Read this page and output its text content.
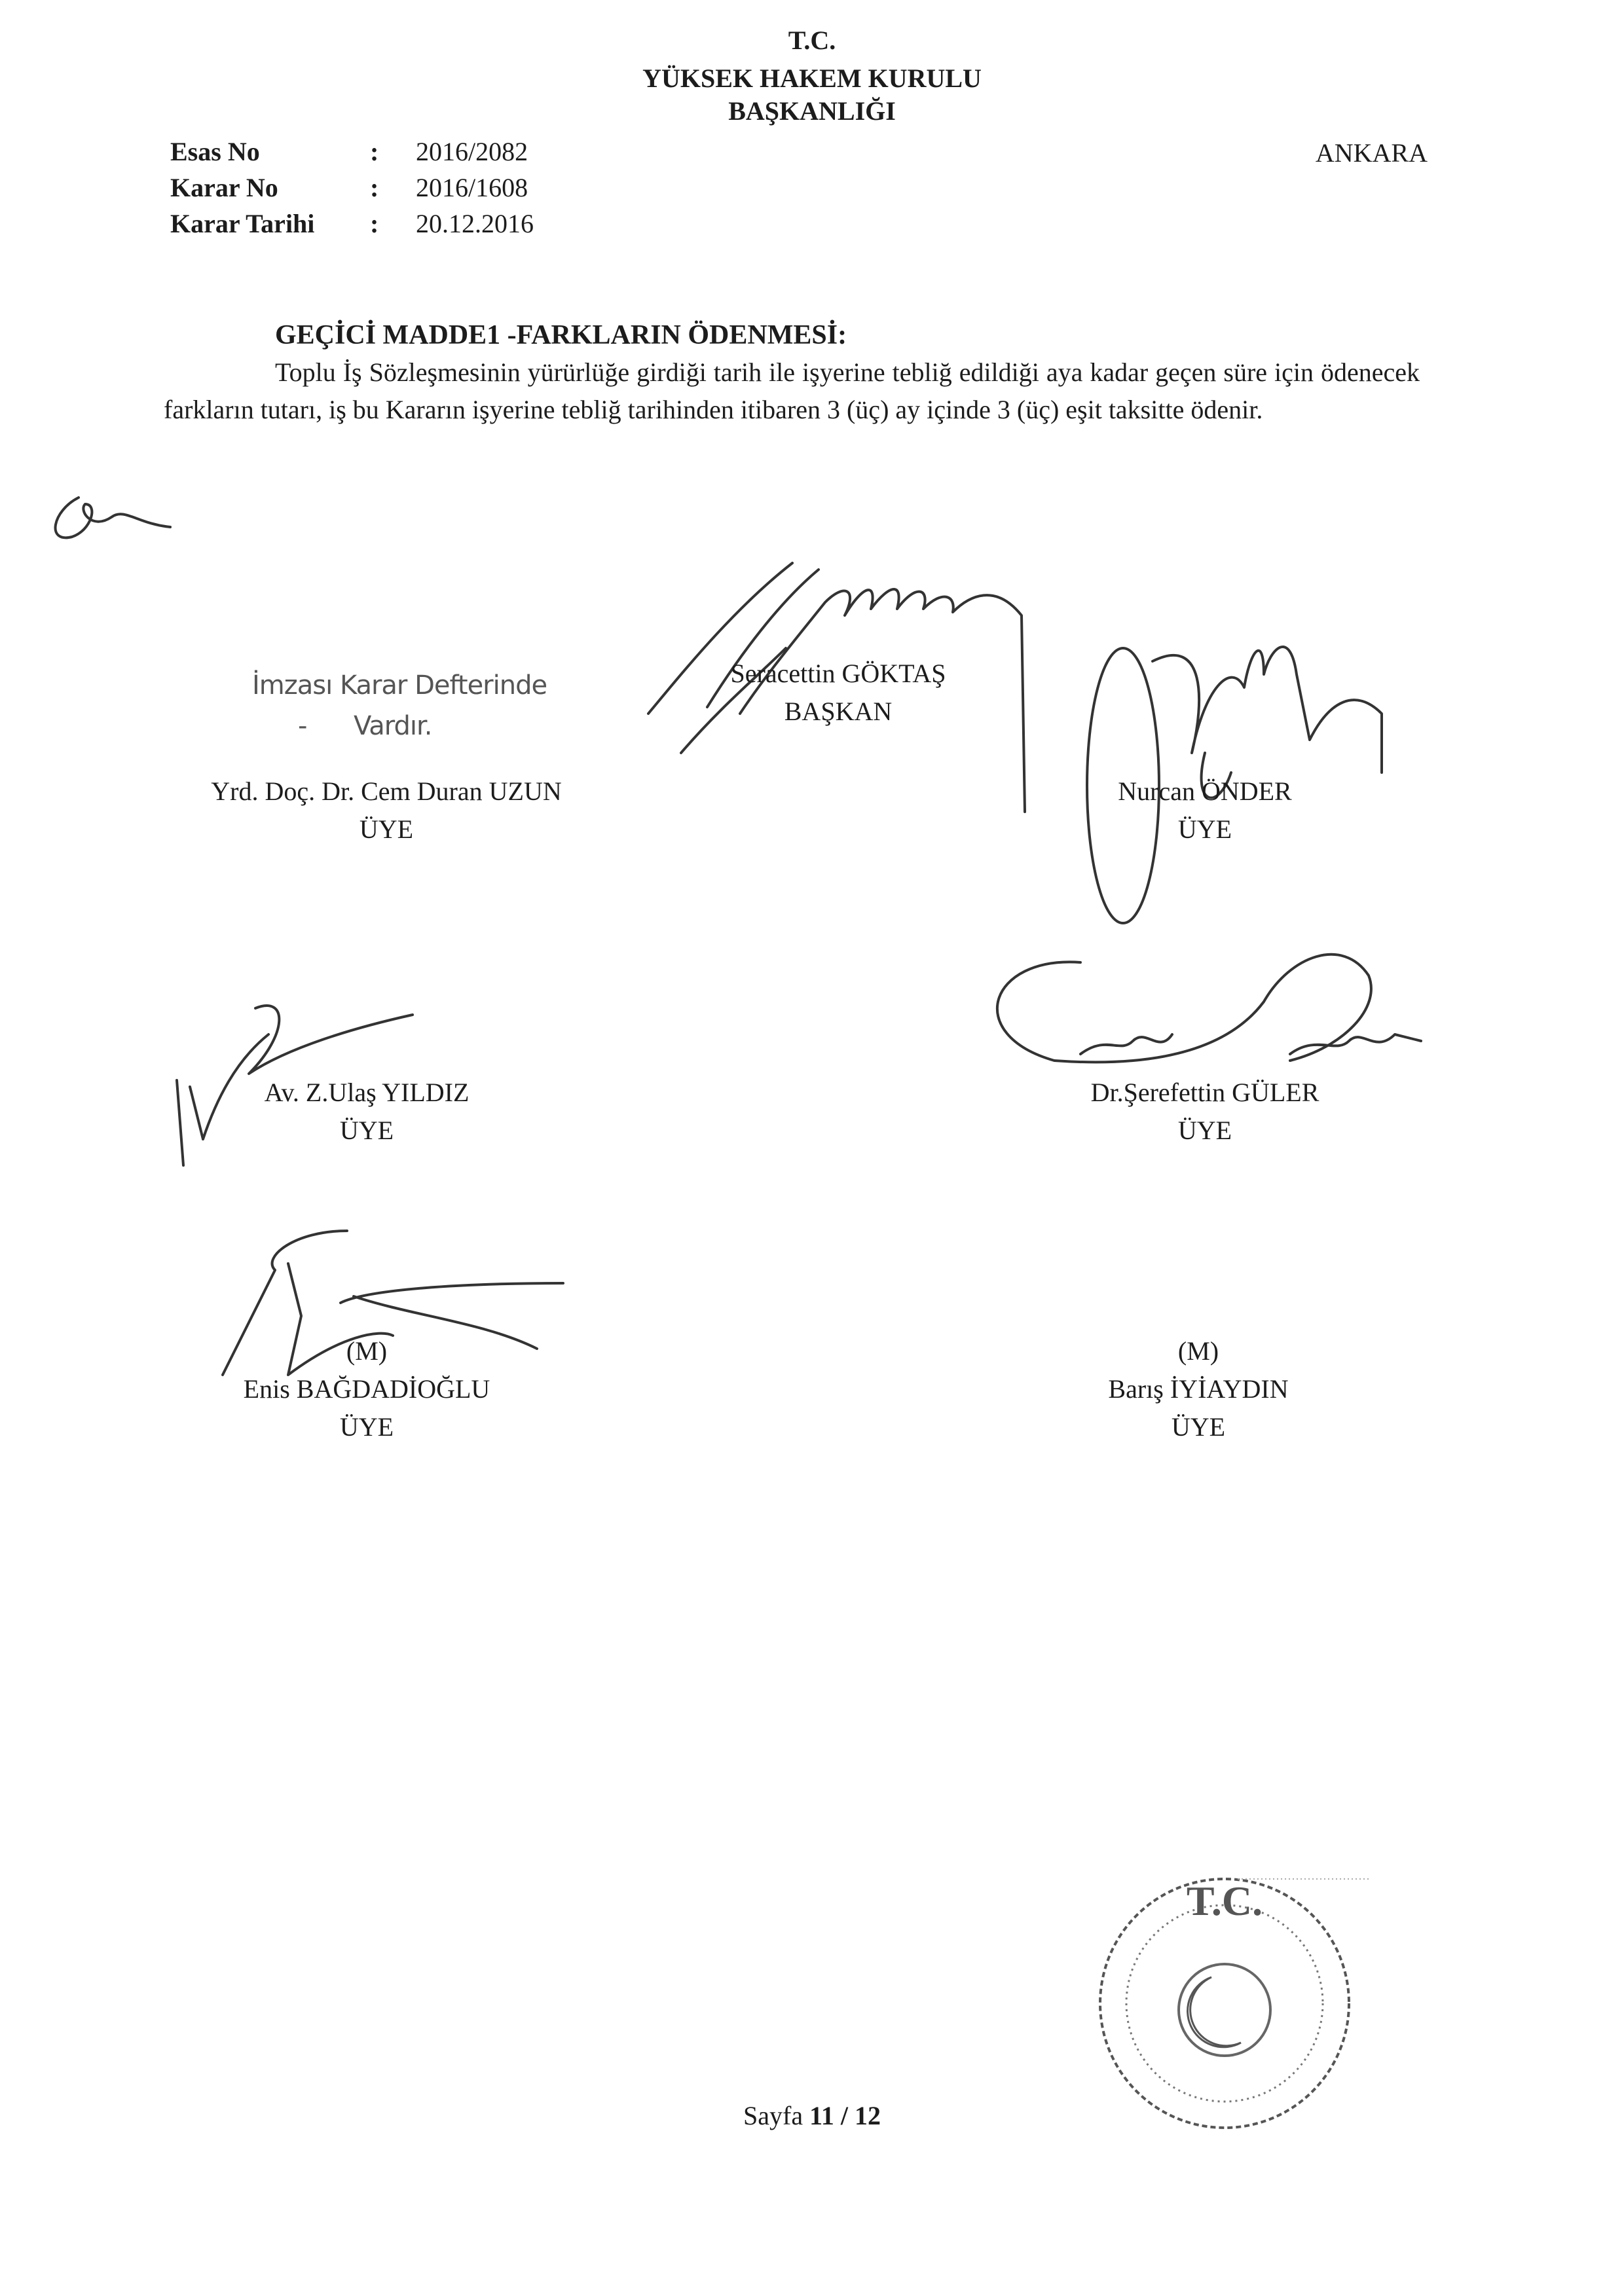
T.C.
YÜKSEK HAKEM KURULU
BAŞKANLIĞI
Esas No	: 2016/2082
Karar No	: 2016/1608
Karar Tarihi	: 20.12.2016
ANKARA
GEÇİCİ MADDE1 -FARKLARIN ÖDENMESİ:
Toplu İş Sözleşmesinin yürürlüğe girdiği tarih ile işyerine tebliğ edildiği aya kadar geçen süre için ödenecek farkların tutarı, iş bu Kararın işyerine tebliğ tarihinden itibaren 3 (üç) ay içinde 3 (üç) eşit taksitte ödenir.
İmzası Karar Defterinde
- Vardır.
Seracettin GÖKTAŞ
BAŞKAN
Yrd. Doç. Dr. Cem Duran UZUN
ÜYE
Nurcan ÖNDER
ÜYE
Av. Z.Ulaş YILDIZ
ÜYE
Dr.Şerefettin GÜLER
ÜYE
(M)
Enis BAĞDADİOĞLU
ÜYE
(M)
Barış İYİAYDIN
ÜYE
T.C.
Sayfa 11 / 12
